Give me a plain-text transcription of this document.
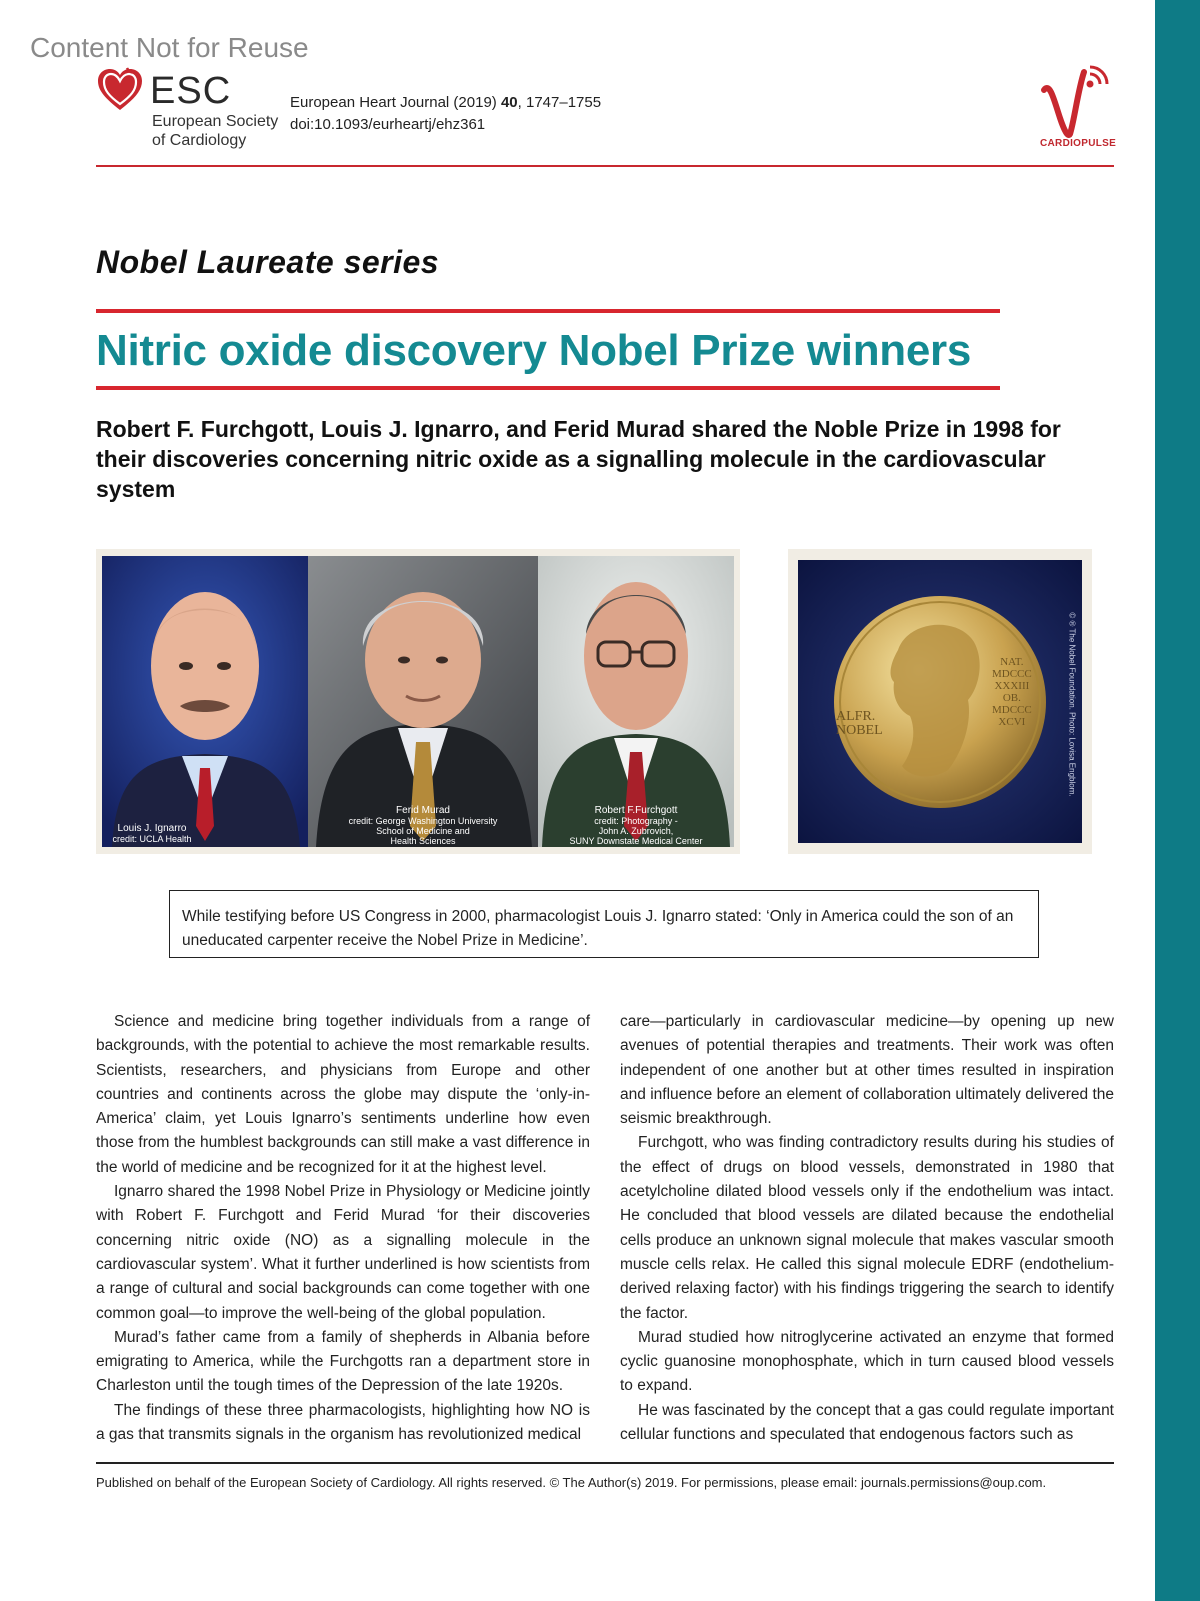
Content Not for Reuse
ESC
European Society
of Cardiology
European Heart Journal (2019) 40, 1747–1755
doi:10.1093/eurheartj/ehz361
CARDIOPULSE
Nobel Laureate series
Nitric oxide discovery Nobel Prize winners
Robert F. Furchgott, Louis J. Ignarro, and Ferid Murad shared the Noble Prize in 1998 for their discoveries concerning nitric oxide as a signalling molecule in the cardiovascular system
Louis J. Ignarro
credit: UCLA Health
Ferid Murad
credit: George Washington University
School of Medicine and
Health Sciences
Robert F.Furchgott
credit: Photography -
John A. Zubrovich,
SUNY Downstate Medical Center
ALFR.
NOBEL
NAT.
MDCCC
XXXIII
OB.
MDCCC
XCVI	© ® The Nobel Foundation. Photo: Lovisa Engblom.
While testifying before US Congress in 2000, pharmacologist Louis J. Ignarro stated: ‘Only in America could the son of an uneducated carpenter receive the Nobel Prize in Medicine’.

Science and medicine bring together individuals from a range of backgrounds, with the potential to achieve the most remarkable results. Scientists, researchers, and physicians from Europe and other countries and continents across the globe may dispute the ‘only-in-America’ claim, yet Louis Ignarro’s sentiments underline how even those from the humblest backgrounds can still make a vast difference in the world of medicine and be recognized for it at the highest level.

Ignarro shared the 1998 Nobel Prize in Physiology or Medicine jointly with Robert F. Furchgott and Ferid Murad ‘for their discoveries concerning nitric oxide (NO) as a signalling molecule in the cardiovascular system’. What it further underlined is how scientists from a range of cultural and social backgrounds can come together with one common goal—to improve the well-being of the global population.

Murad’s father came from a family of shepherds in Albania before emigrating to America, while the Furchgotts ran a department store in Charleston until the tough times of the Depression of the late 1920s.

The findings of these three pharmacologists, highlighting how NO is a gas that transmits signals in the organism has revolutionized medical

care—particularly in cardiovascular medicine—by opening up new avenues of potential therapies and treatments. Their work was often independent of one another but at other times resulted in inspiration and influence before an element of collaboration ultimately delivered the seismic breakthrough.

Furchgott, who was finding contradictory results during his studies of the effect of drugs on blood vessels, demonstrated in 1980 that acetylcholine dilated blood vessels only if the endothelium was intact. He concluded that blood vessels are dilated because the endothelial cells produce an unknown signal molecule that makes vascular smooth muscle cells relax. He called this signal molecule EDRF (endothelium-derived relaxing factor) with his findings triggering the search to identify the factor.

Murad studied how nitroglycerine activated an enzyme that formed cyclic guanosine monophosphate, which in turn caused blood vessels to expand.

He was fascinated by the concept that a gas could regulate important cellular functions and speculated that endogenous factors such as

Published on behalf of the European Society of Cardiology. All rights reserved. © The Author(s) 2019. For permissions, please email: journals.permissions@oup.com.
